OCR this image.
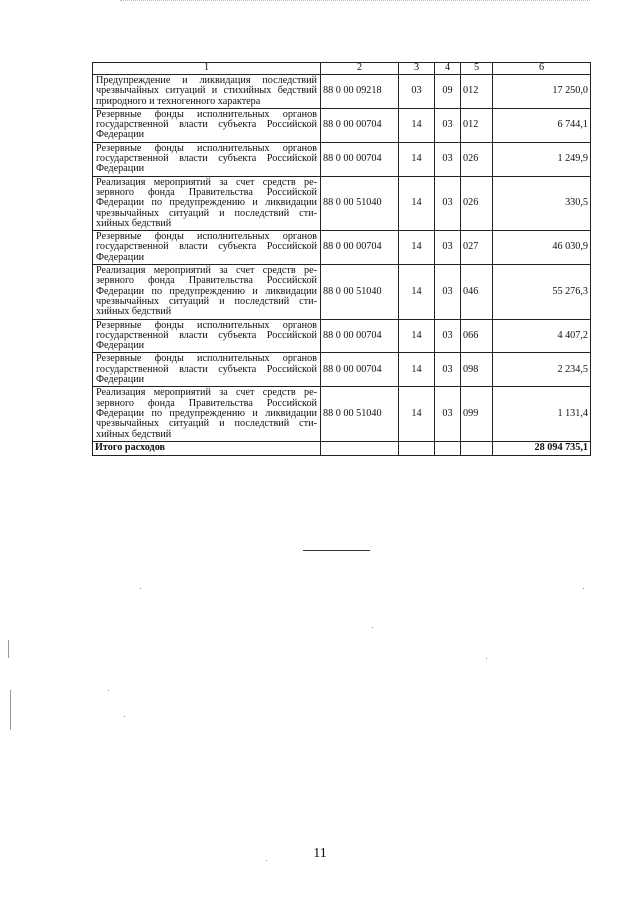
1	2	3	4	5	6
Предупреждение и ликвидация последствий чрезвычайных ситуаций и стихийных бедствий природного и техногенного характера	88 0 00 09218	03	09	012	17 250,0
Резервные фонды исполнительных органов государственной власти субъекта Российской Федерации	88 0 00 00704	14	03	012	6 744,1
Резервные фонды исполнительных органов государственной власти субъекта Российской Федерации	88 0 00 00704	14	03	026	1 249,9
Реализация мероприятий за счет средств ре-зервного фонда Правительства Российской Федерации по предупреждению и ликвидации чрезвычайных ситуаций и последствий сти-хийных бедствий	88 0 00 51040	14	03	026	330,5
Резервные фонды исполнительных органов государственной власти субъекта Российской Федерации	88 0 00 00704	14	03	027	46 030,9
Реализация мероприятий за счет средств ре-зервного фонда Правительства Российской Федерации по предупреждению и ликвидации чрезвычайных ситуаций и последствий сти-хийных бедствий	88 0 00 51040	14	03	046	55 276,3
Резервные фонды исполнительных органов государственной власти субъекта Российской Федерации	88 0 00 00704	14	03	066	4 407,2
Резервные фонды исполнительных органов государственной власти субъекта Российской Федерации	88 0 00 00704	14	03	098	2 234,5
Реализация мероприятий за счет средств ре-зервного фонда Правительства Российской Федерации по предупреждению и ликвидации чрезвычайных ситуаций и последствий сти-хийных бедствий	88 0 00 51040	14	03	099	1 131,4
Итого расходов					28 094 735,1
11
